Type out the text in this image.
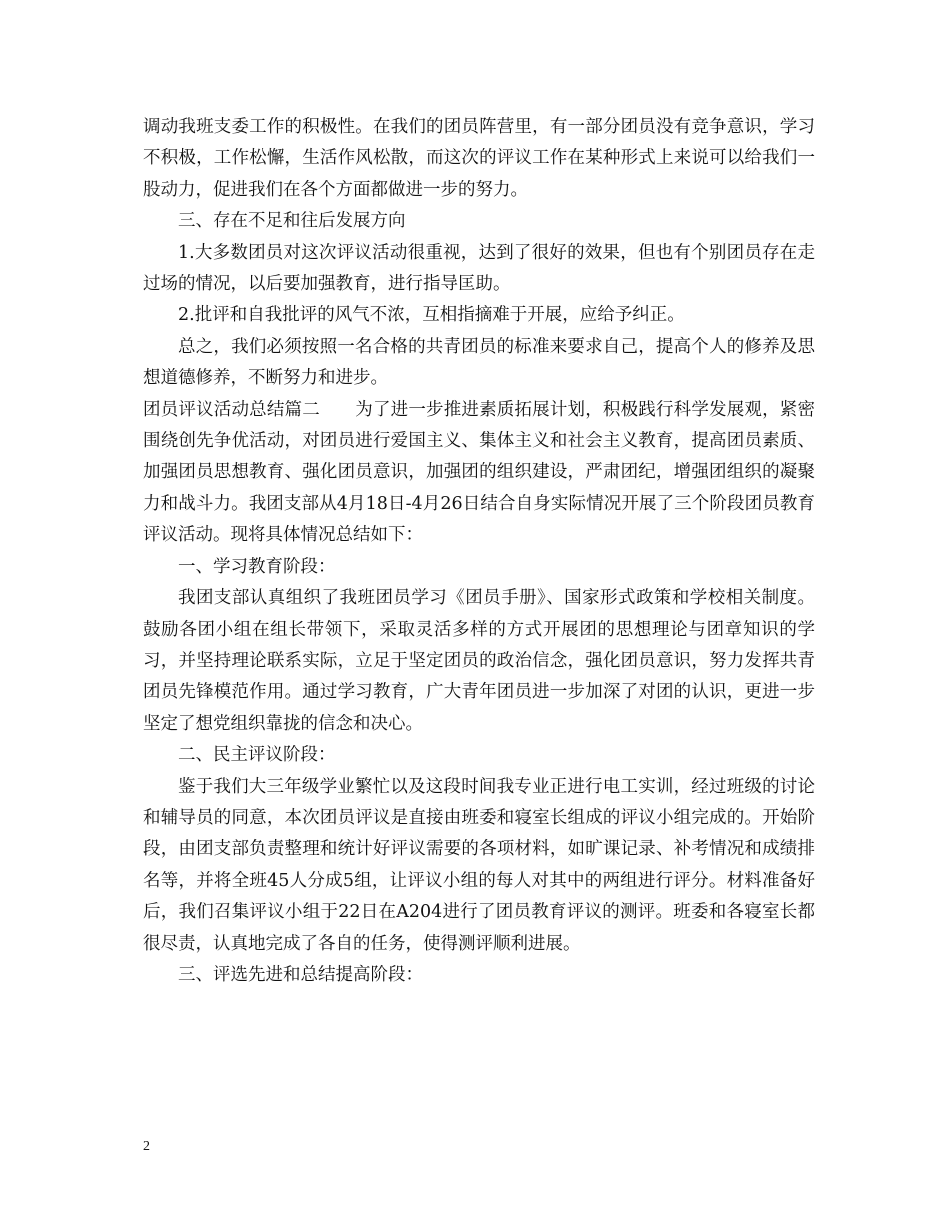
调动我班支委工作的积极性。在我们的团员阵营里，有一部分团员没有竞争意识，学习不积极，工作松懈，生活作风松散，而这次的评议工作在某种形式上来说可以给我们一股动力，促进我们在各个方面都做进一步的努力。

三、存在不足和往后发展方向

1.大多数团员对这次评议活动很重视，达到了很好的效果，但也有个别团员存在走过场的情况，以后要加强教育，进行指导匡助。

2.批评和自我批评的风气不浓，互相指摘难于开展，应给予纠正。

总之，我们必须按照一名合格的共青团员的标准来要求自己，提高个人的修养及思想道德修养，不断努力和进步。

团员评议活动总结篇二　　为了进一步推进素质拓展计划，积极践行科学发展观，紧密围绕创先争优活动，对团员进行爱国主义、集体主义和社会主义教育，提高团员素质、加强团员思想教育、强化团员意识，加强团的组织建设，严肃团纪，增强团组织的凝聚力和战斗力。我团支部从4月18日-4月26日结合自身实际情况开展了三个阶段团员教育评议活动。现将具体情况总结如下：

一、学习教育阶段：

我团支部认真组织了我班团员学习《团员手册》、国家形式政策和学校相关制度。鼓励各团小组在组长带领下，采取灵活多样的方式开展团的思想理论与团章知识的学习，并坚持理论联系实际，立足于坚定团员的政治信念，强化团员意识，努力发挥共青团员先锋模范作用。通过学习教育，广大青年团员进一步加深了对团的认识，更进一步坚定了想党组织靠拢的信念和决心。

二、民主评议阶段：

鉴于我们大三年级学业繁忙以及这段时间我专业正进行电工实训，经过班级的讨论和辅导员的同意，本次团员评议是直接由班委和寝室长组成的评议小组完成的。开始阶段，由团支部负责整理和统计好评议需要的各项材料，如旷课记录、补考情况和成绩排名等，并将全班45人分成5组，让评议小组的每人对其中的两组进行评分。材料准备好后，我们召集评议小组于22日在A204进行了团员教育评议的测评。班委和各寝室长都很尽责，认真地完成了各自的任务，使得测评顺利进展。

三、评选先进和总结提高阶段：

2
